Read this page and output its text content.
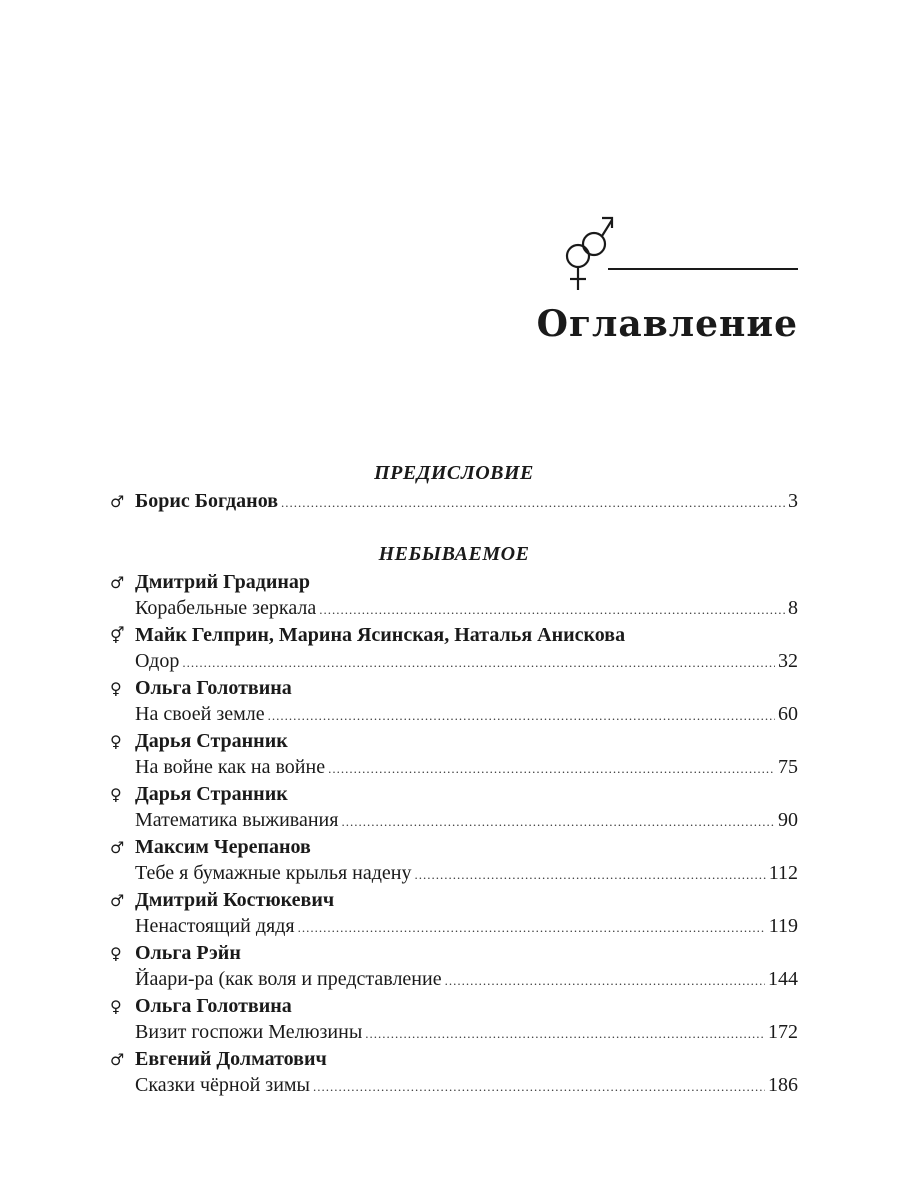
Оглавление
ПРЕДИСЛОВИЕ
♂ Борис Богданов .....	3
НЕБЫВАЕМОЕ
♂ Дмитрий Градинар
Корабельные зеркала .....	8
⚥ Майк Гелприн, Марина Ясинская, Наталья Анискова
Одор .....	32
♀ Ольга Голотвина
На своей земле .....	60
♀ Дарья Странник
На войне как на войне .....	75
♀ Дарья Странник
Математика выживания .....	90
♂ Максим Черепанов
Тебе я бумажные крылья надену .....	112
♂ Дмитрий Костюкевич
Ненастоящий дядя .....	119
♀ Ольга Рэйн
Йаари-ра (как воля и представление .....	144
♀ Ольга Голотвина
Визит госпожи Мелюзины .....	172
♂ Евгений Долматович
Сказки чёрной зимы .....	186
